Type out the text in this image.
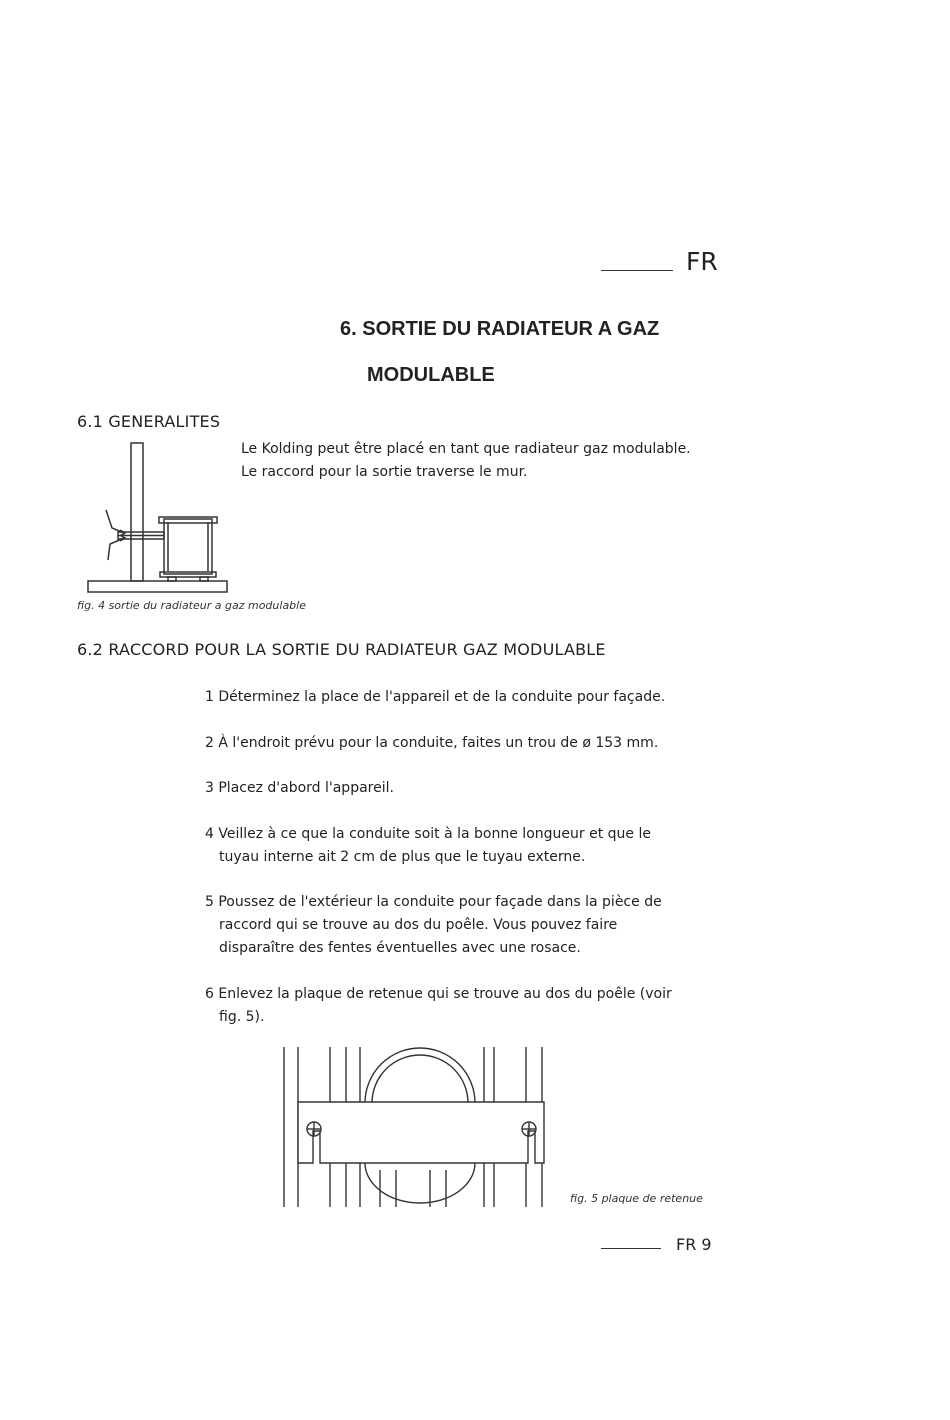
FR
6. SORTIE DU RADIATEUR A GAZ
MODULABLE
6.1 GENERALITES
Le Kolding peut être placé en tant que radiateur gaz modulable.
Le raccord pour la sortie traverse le mur.
fig. 4 sortie du radiateur a gaz modulable
6.2 RACCORD POUR LA SORTIE DU RADIATEUR GAZ MODULABLE
1 Déterminez la place de l'appareil et de la conduite pour façade.
2 À l'endroit prévu pour la conduite, faites un trou de ø 153 mm.
3 Placez d'abord l'appareil.
4 Veillez à ce que la conduite soit à la bonne longueur et que le
tuyau interne ait 2 cm de plus que le tuyau externe.
5 Poussez de l'extérieur la conduite pour façade dans la pièce de
raccord qui se trouve au dos du poêle. Vous pouvez faire
disparaître des fentes éventuelles avec une rosace.
6 Enlevez la plaque de retenue qui se trouve au dos du poêle (voir
fig. 5).
fig. 5 plaque de retenue
FR 9
